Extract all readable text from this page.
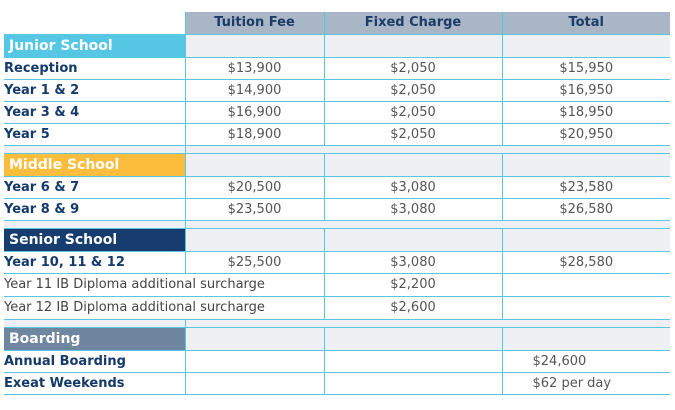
	Tuition Fee	Fixed Charge	Total
Junior School			
Reception	$13,900	$2,050	$15,950
Year 1 & 2	$14,900	$2,050	$16,950
Year 3 & 4	$16,900	$2,050	$18,950
Year 5	$18,900	$2,050	$20,950

Middle School			
Year 6 & 7	$20,500	$3,080	$23,580
Year 8 & 9	$23,500	$3,080	$26,580

Senior School			
Year 10, 11 & 12	$25,500	$3,080	$28,580
Year 11 IB Diploma additional surcharge		$2,200	
Year 12 IB Diploma additional surcharge		$2,600	

Boarding			
Annual Boarding			$24,600
Exeat Weekends			$62 per day
